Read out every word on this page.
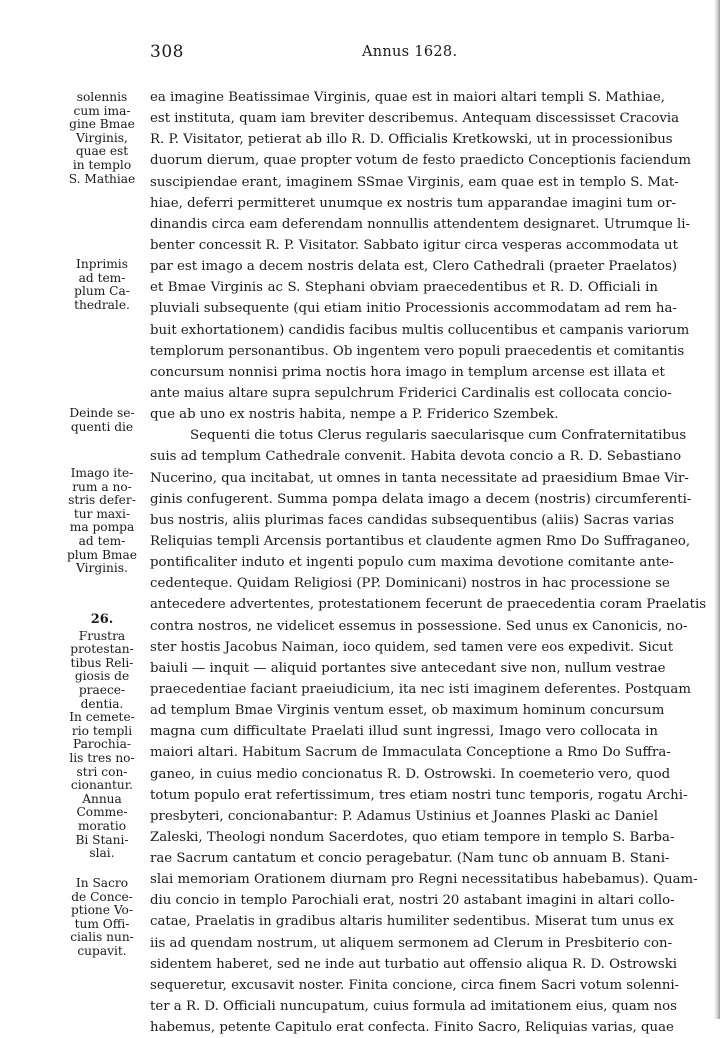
308	Annus 1628.
solennis
cum ima-
gine Bmae
Virginis,
quae est
in templo
S. Mathiae
Inprimis
ad tem-
plum Ca-
thedrale.
Deinde se-
quenti die
Imago ite-
rum a no-
stris defer-
tur maxi-
ma pompa
ad tem-
plum Bmae
Virginis.
26.
Frustra
protestan-
tibus Reli-
giosis de
praece-
dentia.
In cemete-
rio templi
Parochia-
lis tres no-
stri con-
cionantur.
Annua
Comme-
moratio
Bi Stani-
slai.
In Sacro
de Conce-
ptione Vo-
tum Offi-
cialis nun-
cupavit.
ea imagine Beatissimae Virginis, quae est in maiori altari templi S. Mathiae,
est instituta, quam iam breviter describemus. Antequam discessisset Cracovia
R. P. Visitator, petierat ab illo R. D. Officialis Kretkowski, ut in processionibus
duorum dierum, quae propter votum de festo praedicto Conceptionis faciendum
suscipiendae erant, imaginem SSmae Virginis, eam quae est in templo S. Mat-
hiae, deferri permitteret unumque ex nostris tum apparandae imagini tum or-
dinandis circa eam deferendam nonnullis attendentem designaret. Utrumque li-
benter concessit R. P. Visitator. Sabbato igitur circa vesperas accommodata ut
par est imago a decem nostris delata est, Clero Cathedrali (praeter Praelatos)
et Bmae Virginis ac S. Stephani obviam praecedentibus et R. D. Officiali in
pluviali subsequente (qui etiam initio Processionis accommodatam ad rem ha-
buit exhortationem) candidis facibus multis collucentibus et campanis variorum
templorum personantibus. Ob ingentem vero populi praecedentis et comitantis
concursum nonnisi prima noctis hora imago in templum arcense est illata et
ante maius altare supra sepulchrum Friderici Cardinalis est collocata concio-
que ab uno ex nostris habita, nempe a P. Friderico Szembek.
Sequenti die totus Clerus regularis saecularisque cum Confraternitatibus
suis ad templum Cathedrale convenit. Habita devota concio a R. D. Sebastiano
Nucerino, qua incitabat, ut omnes in tanta necessitate ad praesidium Bmae Vir-
ginis confugerent. Summa pompa delata imago a decem (nostris) circumferenti-
bus nostris, aliis plurimas faces candidas subsequentibus (aliis) Sacras varias
Reliquias templi Arcensis portantibus et claudente agmen Rmo Do Suffraganeo,
pontificaliter induto et ingenti populo cum maxima devotione comitante ante-
cedenteque. Quidam Religiosi (PP. Dominicani) nostros in hac processione se
antecedere advertentes, protestationem fecerunt de praecedentia coram Praelatis
contra nostros, ne videlicet essemus in possessione. Sed unus ex Canonicis, no-
ster hostis Jacobus Naiman, ioco quidem, sed tamen vere eos expedivit. Sicut
baiuli — inquit — aliquid portantes sive antecedant sive non, nullum vestrae
praecedentiae faciant praeiudicium, ita nec isti imaginem deferentes. Postquam
ad templum Bmae Virginis ventum esset, ob maximum hominum concursum
magna cum difficultate Praelati illud sunt ingressi, Imago vero collocata in
maiori altari. Habitum Sacrum de Immaculata Conceptione a Rmo Do Suffra-
ganeo, in cuius medio concionatus R. D. Ostrowski. In coemeterio vero, quod
totum populo erat refertissimum, tres etiam nostri tunc temporis, rogatu Archi-
presbyteri, concionabantur: P. Adamus Ustinius et Joannes Plaski ac Daniel
Zaleski, Theologi nondum Sacerdotes, quo etiam tempore in templo S. Barba-
rae Sacrum cantatum et concio peragebatur. (Nam tunc ob annuam B. Stani-
slai memoriam Orationem diurnam pro Regni necessitatibus habebamus). Quam-
diu concio in templo Parochiali erat, nostri 20 astabant imagini in altari collo-
catae, Praelatis in gradibus altaris humiliter sedentibus. Miserat tum unus ex
iis ad quendam nostrum, ut aliquem sermonem ad Clerum in Presbiterio con-
sidentem haberet, sed ne inde aut turbatio aut offensio aliqua R. D. Ostrowski
sequeretur, excusavit noster. Finita concione, circa finem Sacri votum solenni-
ter a R. D. Officiali nuncupatum, cuius formula ad imitationem eius, quam nos
habemus, petente Capitulo erat confecta. Finito Sacro, Reliquias varias, quae
